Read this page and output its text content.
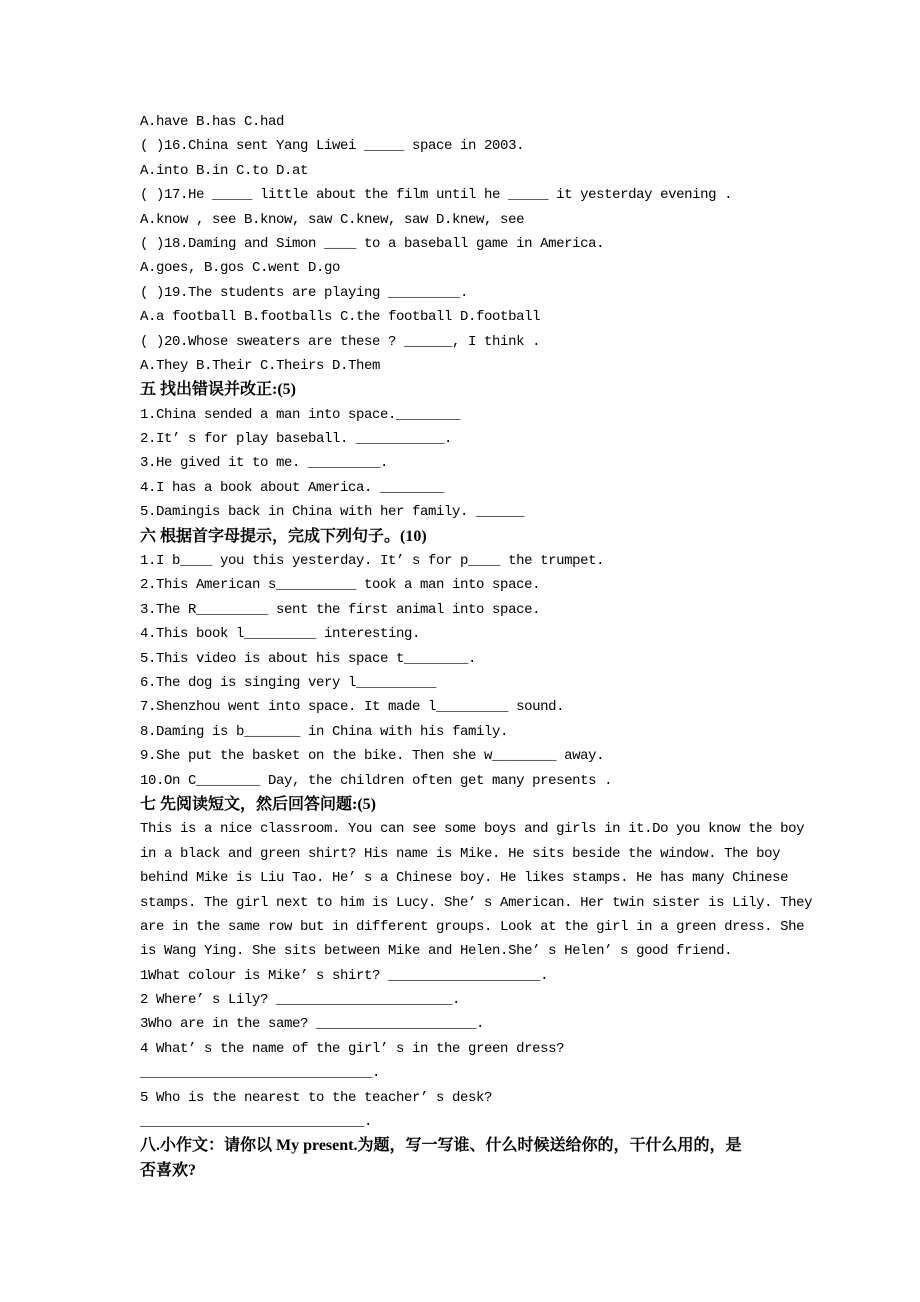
A.have B.has C.had
( )16.China sent Yang Liwei _____ space in 2003.
A.into B.in C.to D.at
( )17.He _____ little about the film until he _____ it yesterday evening .
A.know , see B.know, saw C.knew, saw D.knew, see
( )18.Daming and Simon ____ to a baseball game in America.
A.goes, B.gos C.went D.go
( )19.The students are playing _________.
A.a football B.footballs C.the football D.football
( )20.Whose sweaters are these ? ______, I think .
A.They B.Their C.Theirs D.Them
五 找出错误并改正:(5)
1.China sended a man into space.________
2.It’ s for play baseball. ___________.
3.He gived it to me. _________.
4.I has a book about America. ________
5.Damingis back in China with her family. ______
六 根据首字母提示，完成下列句子。(10)
1.I b____ you this yesterday. It’ s for p____ the trumpet.
2.This American s__________ took a man into space.
3.The R_________ sent the first animal into space.
4.This book l_________ interesting.
5.This video is about his space t________.
6.The dog is singing very l__________
7.Shenzhou went into space. It made l_________ sound.
8.Daming is b_______ in China with his family.
9.She put the basket on the bike. Then she w________ away.
10.On C________ Day, the children often get many presents .
七 先阅读短文，然后回答问题:(5)
This is a nice classroom. You can see some boys and girls in it.Do you know the boy
in a black and green shirt? His name is Mike. He sits beside the window. The boy
behind Mike is Liu Tao. He’ s a Chinese boy. He likes stamps. He has many Chinese
stamps. The girl next to him is Lucy. She’ s American. Her twin sister is Lily. They
are in the same row but in different groups. Look at the girl in a green dress. She
is Wang Ying. She sits between Mike and Helen.She’ s Helen’ s good friend.
1What colour is Mike’ s shirt? ___________________.
2 Where’ s Lily? ______________________.
3Who are in the same? ____________________.
4 What’ s the name of the girl’ s in the green dress?
_____________________________.
5 Who is the nearest to the teacher’ s desk?
____________________________.
八.小作文：请你以 My present.为题，写一写谁、什么时候送给你的，干什么用的，是
否喜欢?
